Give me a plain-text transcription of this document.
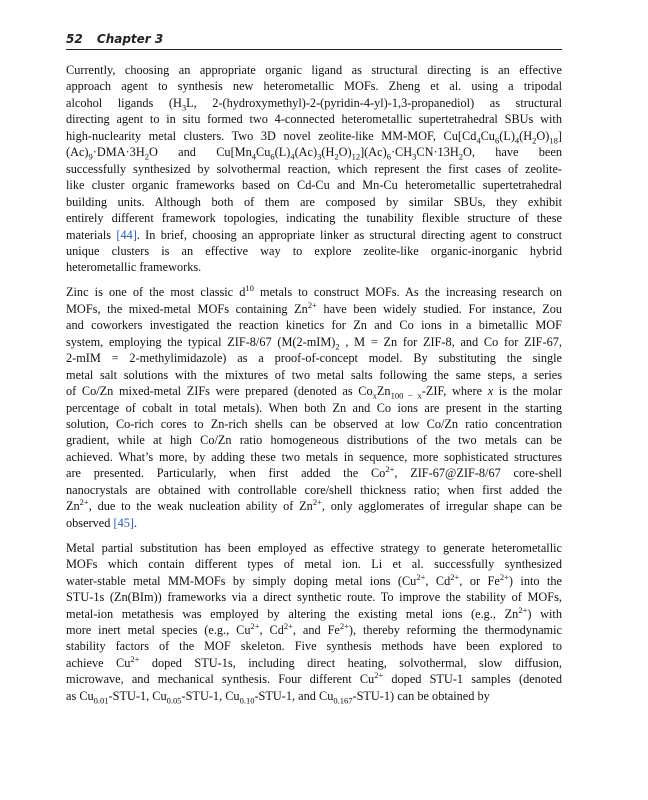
52 Chapter 3

Currently, choosing an appropriate organic ligand as structural directing is an effective
approach agent to synthesis new heterometallic MOFs. Zheng et al. using a tripodal
alcohol ligands ($H_3L$, 2-(hydroxymethyl)-2-(pyridin-4-yl)-1,3-propanediol) as structural
directing agent to in situ formed two 4-connected heterometallic supertetrahedral SBUs with
high-nuclearity metal clusters. Two 3D novel zeolite-like MM-MOF, $Cu[Cd_4Cu_6(L)_4(H_2O)_{18}]$
$(Ac)_9\cdot DMA\cdot 3H_2O$ and $Cu[Mn_4Cu_6(L)_4(Ac)_3(H_2O)_{12}](Ac)_6\cdot CH_3CN\cdot 13H_2O$, have been
successfully synthesized by solvothermal reaction, which represent the first cases of zeolite-
like cluster organic frameworks based on Cd-Cu and Mn-Cu heterometallic supertetrahedral
building units. Although both of them are composed by similar SBUs, they exhibit
entirely different framework topologies, indicating the tunability flexible structure of these
materials [44]. In brief, choosing an appropriate linker as structural directing agent to construct
unique clusters is an effective way to explore zeolite-like organic-inorganic hybrid
heterometallic frameworks.

Zinc is one of the most classic $d^{10}$ metals to construct MOFs. As the increasing research on
MOFs, the mixed-metal MOFs containing $Zn^{2+}$ have been widely studied. For instance, Zou
and coworkers investigated the reaction kinetics for Zn and Co ions in a bimetallic MOF
system, employing the typical ZIF-8/67 ($M(2-mIM)_2$ , M = Zn for ZIF-8, and Co for ZIF-67,
2-mIM = 2-methylimidazole) as a proof-of-concept model. By substituting the single
metal salt solutions with the mixtures of two metal salts following the same steps, a series
of Co/Zn mixed-metal ZIFs were prepared (denoted as $Co_xZn_{100 - x}$-ZIF, where x is the molar
percentage of cobalt in total metals). When both Zn and Co ions are present in the starting
solution, Co-rich cores to Zn-rich shells can be observed at low Co/Zn ratio concentration
gradient, while at high Co/Zn ratio homogeneous distributions of the two metals can be
achieved. What’s more, by adding these two metals in sequence, more sophisticated structures
are presented. Particularly, when first added the $Co^{2+}$, ZIF-67@ZIF-8/67 core-shell
nanocrystals are obtained with controllable core/shell thickness ratio; when first added the
$Zn^{2+}$, due to the weak nucleation ability of $Zn^{2+}$, only agglomerates of irregular shape can be
observed [45].

Metal partial substitution has been employed as effective strategy to generate heterometallic
MOFs which contain different types of metal ion. Li et al. successfully synthesized
water-stable metal MM-MOFs by simply doping metal ions ($Cu^{2+}$, $Cd^{2+}$, or $Fe^{2+}$) into the
STU-1s (Zn(BIm)) frameworks via a direct synthetic route. To improve the stability of MOFs,
metal-ion metathesis was employed by altering the existing metal ions (e.g., $Zn^{2+}$) with
more inert metal species (e.g., $Cu^{2+}$, $Cd^{2+}$, and $Fe^{2+}$), thereby reforming the thermodynamic
stability factors of the MOF skeleton. Five synthesis methods have been explored to
achieve $Cu^{2+}$ doped STU-1s, including direct heating, solvothermal, slow diffusion,
microwave, and mechanical synthesis. Four different $Cu^{2+}$ doped STU-1 samples (denoted
as $Cu_{0.01}-STU-1$, $Cu_{0.05}-STU-1$, $Cu_{0.10}-STU-1$, and $Cu_{0.167}-STU-1$) can be obtained by
